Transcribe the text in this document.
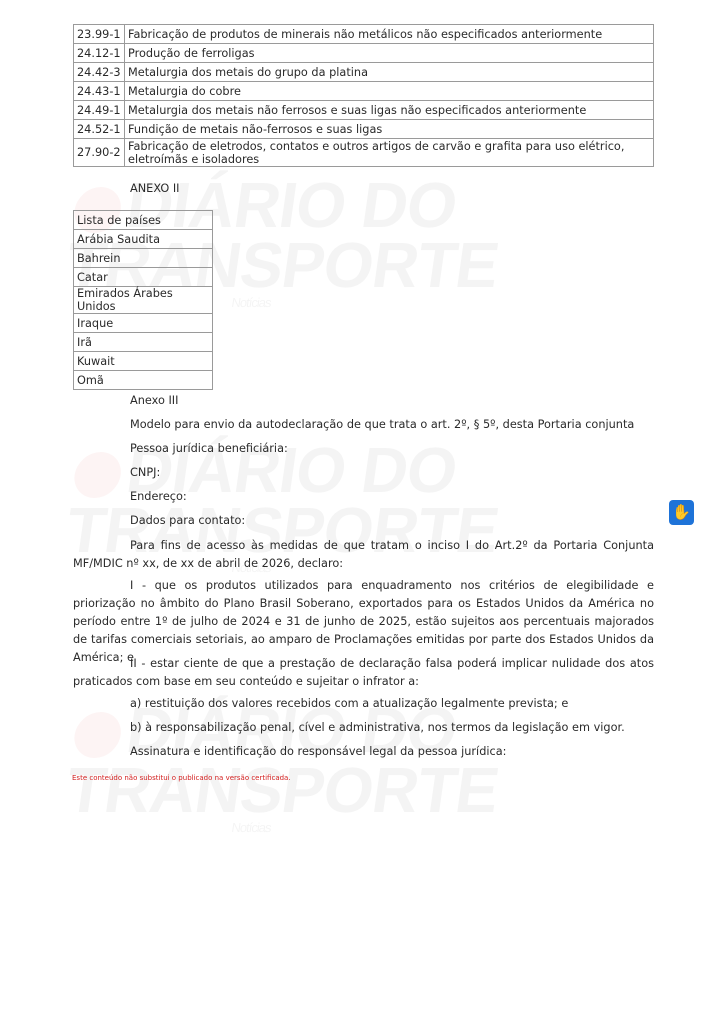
23.99-1	Fabricação de produtos de minerais não metálicos não especificados anteriormente
24.12-1	Produção de ferroligas
24.42-3	Metalurgia dos metais do grupo da platina
24.43-1	Metalurgia do cobre
24.49-1	Metalurgia dos metais não ferrosos e suas ligas não especificados anteriormente
24.52-1	Fundição de metais não-ferrosos e suas ligas
27.90-2	Fabricação de eletrodos, contatos e outros artigos de carvão e grafita para uso elétrico, eletroímãs e isoladores
ANEXO II
Lista de países
Arábia Saudita
Bahrein
Catar
Emirados Árabes Unidos
Iraque
Irã
Kuwait
Omã
Anexo III
Modelo para envio da autodeclaração de que trata o art. 2º, § 5º, desta Portaria conjunta
Pessoa jurídica beneficiária:
CNPJ:
Endereço:
Dados para contato:
Para fins de acesso às medidas de que tratam o inciso I do Art.2º da Portaria Conjunta MF/MDIC nº xx, de xx de abril de 2026, declaro:
I - que os produtos utilizados para enquadramento nos critérios de elegibilidade e priorização no âmbito do Plano Brasil Soberano, exportados para os Estados Unidos da América no período entre 1º de julho de 2024 e 31 de junho de 2025, estão sujeitos aos percentuais majorados de tarifas comerciais setoriais, ao amparo de Proclamações emitidas por parte dos Estados Unidos da América; e
II - estar ciente de que a prestação de declaração falsa poderá implicar nulidade dos atos praticados com base em seu conteúdo e sujeitar o infrator a:
a) restituição dos valores recebidos com a atualização legalmente prevista; e
b) à responsabilização penal, cível e administrativa, nos termos da legislação em vigor.
Assinatura e identificação do responsável legal da pessoa jurídica:
Este conteúdo não substitui o publicado na versão certificada.
✋
